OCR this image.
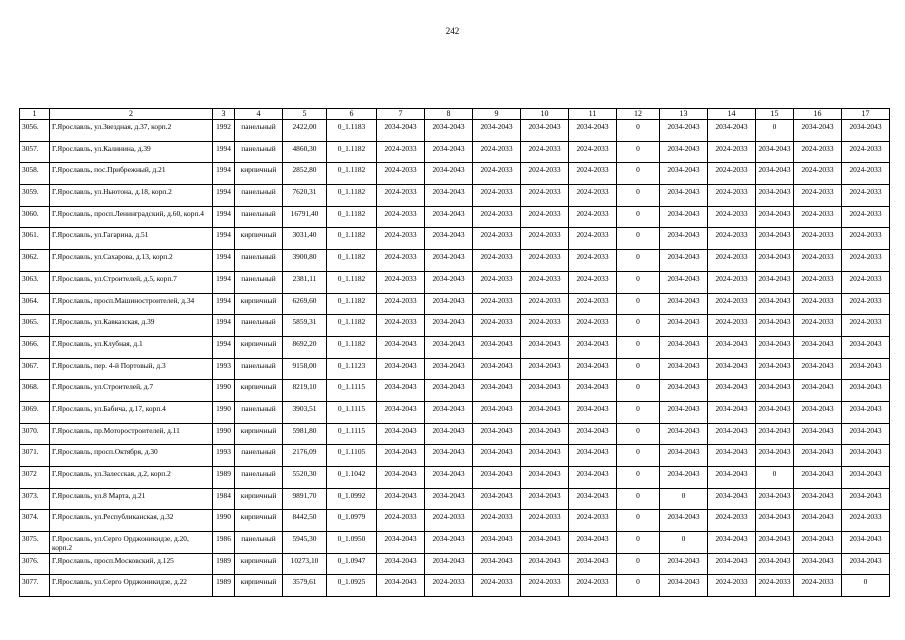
242
1	2	3	4	5	6	7	8	9	10	11	12	13	14	15	16	17
3056.	Г.Ярославль, ул.Звездная, д.37, корп.2	1992	панельный	2422,00	0_1.1183	2034-2043	2034-2043	2034-2043	2034-2043	2034-2043	0	2034-2043	2034-2043	0	2034-2043	2034-2043
3057.	Г.Ярославль, ул.Калинина, д.39	1994	панельный	4860,30	0_1.1182	2024-2033	2034-2043	2024-2033	2024-2033	2024-2033	0	2034-2043	2024-2033	2034-2043	2024-2033	2024-2033
3058.	Г.Ярославль, пос.Прибрежный, д.21	1994	кирпичный	2852,80	0_1.1182	2024-2033	2034-2043	2024-2033	2024-2033	2024-2033	0	2034-2043	2024-2033	2034-2043	2024-2033	2024-2033
3059.	Г.Ярославль, ул.Ньютона, д.18, корп.2	1994	панельный	7620,31	0_1.1182	2024-2033	2034-2043	2024-2033	2024-2033	2024-2033	0	2034-2043	2024-2033	2034-2043	2024-2033	2024-2033
3060.	Г.Ярославль, просп.Ленинградский, д.60, корп.4	1994	панельный	16791,40	0_1.1182	2024-2033	2034-2043	2024-2033	2024-2033	2024-2033	0	2034-2043	2024-2033	2034-2043	2024-2033	2024-2033
3061.	Г.Ярославль, ул.Гагарина, д.51	1994	кирпичный	3031,40	0_1.1182	2024-2033	2034-2043	2024-2033	2024-2033	2024-2033	0	2034-2043	2024-2033	2034-2043	2024-2033	2024-2033
3062.	Г.Ярославль, ул.Сахарова, д.13, корп.2	1994	панельный	3900,80	0_1.1182	2024-2033	2034-2043	2024-2033	2024-2033	2024-2033	0	2034-2043	2024-2033	2034-2043	2024-2033	2024-2033
3063.	Г.Ярославль, ул.Строителей, д.5, корп.7	1994	панельный	2381,11	0_1.1182	2024-2033	2034-2043	2024-2033	2024-2033	2024-2033	0	2034-2043	2024-2033	2034-2043	2024-2033	2024-2033
3064.	Г.Ярославль, просп.Машиностроителей, д.34	1994	кирпичный	6269,60	0_1.1182	2024-2033	2034-2043	2024-2033	2024-2033	2024-2033	0	2034-2043	2024-2033	2034-2043	2024-2033	2024-2033
3065.	Г.Ярославль, ул.Кавказская, д.39	1994	панельный	5859,31	0_1.1182	2024-2033	2034-2043	2024-2033	2024-2033	2024-2033	0	2034-2043	2024-2033	2034-2043	2024-2033	2024-2033
3066.	Г.Ярославль, ул.Клубная, д.1	1994	кирпичный	8692,20	0_1.1182	2034-2043	2034-2043	2034-2043	2034-2043	2034-2043	0	2034-2043	2034-2043	2034-2043	2034-2043	2034-2043
3067.	Г.Ярославль, пер. 4-й Портовый, д.3	1993	панельный	9158,00	0_1.1123	2034-2043	2034-2043	2034-2043	2034-2043	2034-2043	0	2034-2043	2034-2043	2034-2043	2034-2043	2034-2043
3068.	Г.Ярославль, ул.Строителей, д.7	1990	кирпичный	8219,10	0_1.1115	2034-2043	2034-2043	2034-2043	2034-2043	2034-2043	0	2034-2043	2034-2043	2034-2043	2034-2043	2034-2043
3069.	Г.Ярославль, ул.Бабича, д.17, корп.4	1990	панельный	3903,51	0_1.1115	2034-2043	2034-2043	2034-2043	2034-2043	2034-2043	0	2034-2043	2034-2043	2034-2043	2034-2043	2034-2043
3070.	Г.Ярославль, пр.Моторостроителей, д.11	1990	кирпичный	5981,80	0_1.1115	2034-2043	2034-2043	2034-2043	2034-2043	2034-2043	0	2034-2043	2034-2043	2034-2043	2034-2043	2034-2043
3071.	Г.Ярославль, просп.Октября, д.30	1993	панельный	2176,09	0_1.1105	2034-2043	2034-2043	2034-2043	2034-2043	2034-2043	0	2034-2043	2034-2043	2034-2043	2034-2043	2034-2043
3072	Г.Ярославль, ул.Залесская, д.2, корп.2	1989	панельный	5520,30	0_1.1042	2034-2043	2034-2043	2034-2043	2034-2043	2034-2043	0	2034-2043	2034-2043	0	2034-2043	2034-2043
3073.	Г.Ярославль, ул.8 Марта, д.21	1984	кирпичный	9891,70	0_1.0992	2034-2043	2034-2043	2034-2043	2034-2043	2034-2043	0	0	2034-2043	2034-2043	2034-2043	2034-2043
3074.	Г.Ярославль, ул.Республиканская, д.32	1990	кирпичный	8442,50	0_1.0979	2024-2033	2024-2033	2024-2033	2024-2033	2024-2033	0	2034-2043	2024-2033	2034-2043	2034-2043	2024-2033
3075.	Г.Ярославль, ул.Серго Орджоникидзе, д.20, корп.2	1986	панельный	5945,30	0_1.0950	2034-2043	2034-2043	2034-2043	2034-2043	2034-2043	0	0	2034-2043	2034-2043	2034-2043	2034-2043
3076.	Г.Ярославль, просп.Московский, д.125	1989	кирпичный	10273,10	0_1.0947	2034-2043	2034-2043	2034-2043	2034-2043	2034-2043	0	2034-2043	2034-2043	2034-2043	2034-2043	2034-2043
3077.	Г.Ярославль, ул.Серго Орджоникидзе, д.22	1989	кирпичный	3579,61	0_1.0925	2034-2043	2024-2033	2024-2033	2024-2033	2024-2033	0	2034-2043	2024-2033	2024-2033	2024-2033	0
